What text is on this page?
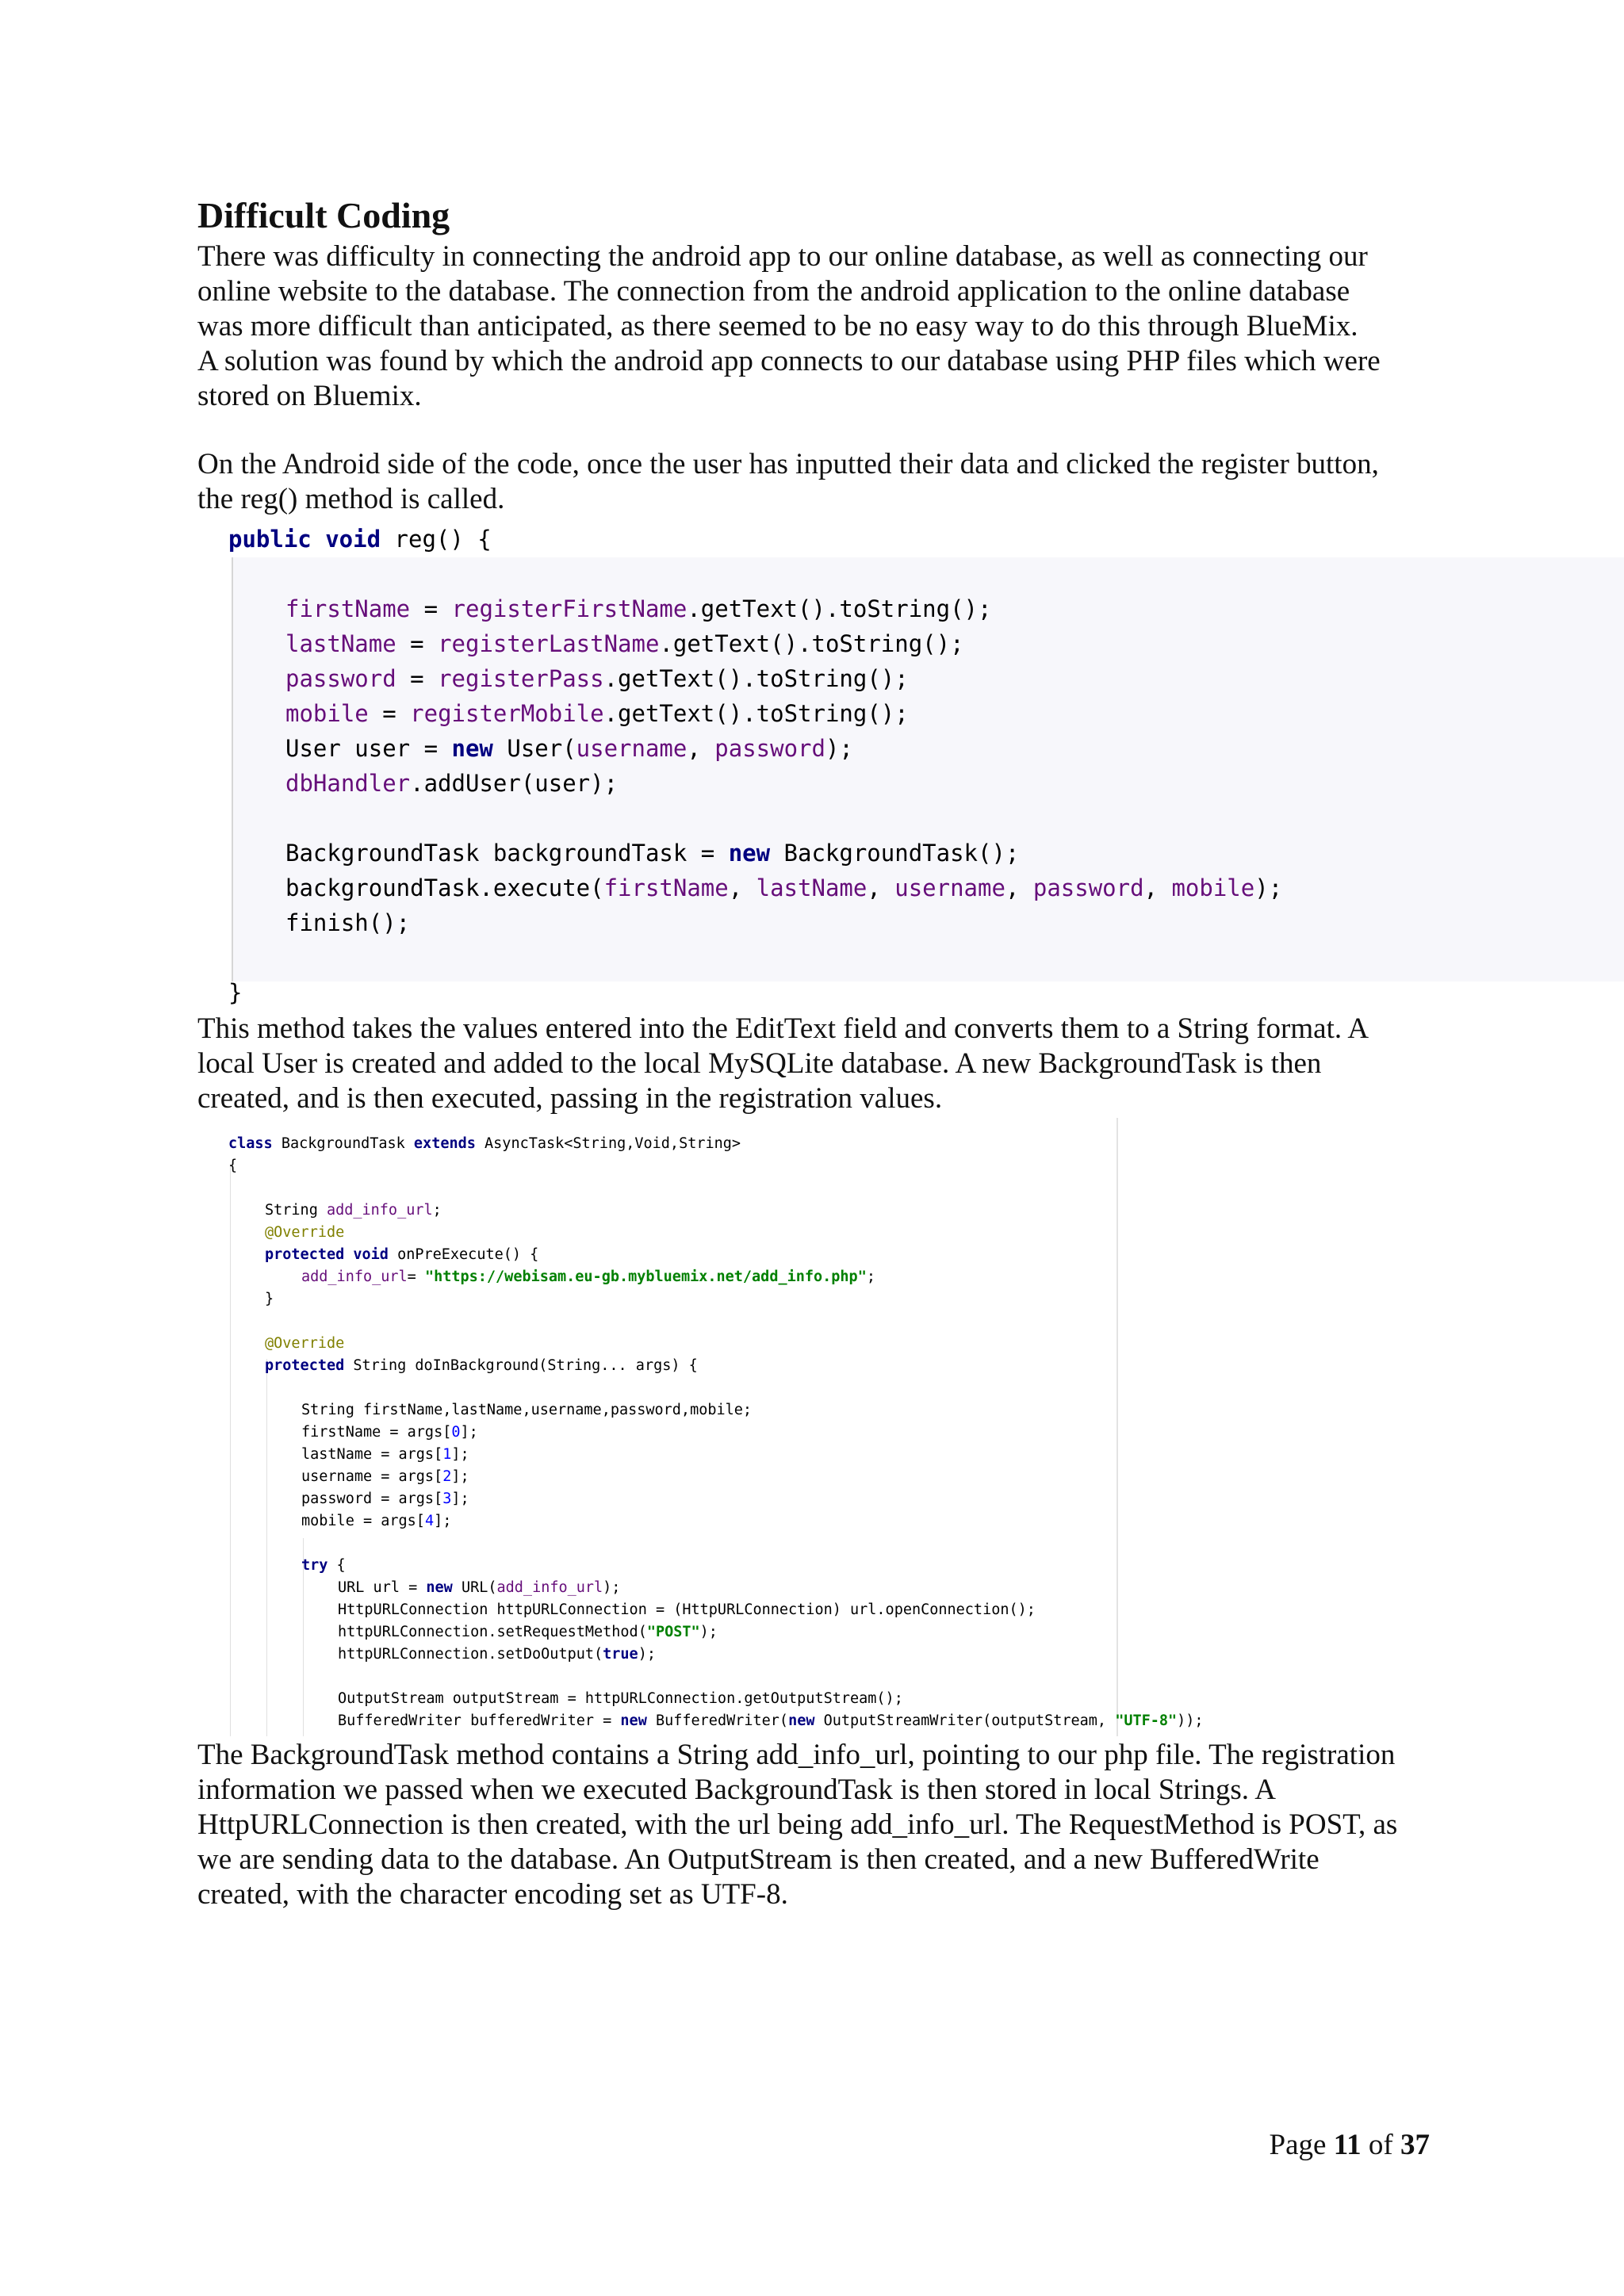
Difficult Coding

There was difficulty in connecting the android app to our online database, as well as connecting our
online website to the database. The connection from the android application to the online database
was more difficult than anticipated, as there seemed to be no easy way to do this through BlueMix.
A solution was found by which the android app connects to our database using PHP files which were
stored on Bluemix.

On the Android side of the code, once the user has inputted their data and clicked the register button,
the reg() method is called.

public void reg() {
firstName = registerFirstName.getText().toString();
lastName = registerLastName.getText().toString();
password = registerPass.getText().toString();
mobile = registerMobile.getText().toString();
User user = new User(username, password);
dbHandler.addUser(user);
BackgroundTask backgroundTask = new BackgroundTask();
backgroundTask.execute(firstName, lastName, username, password, mobile);
finish();
}

This method takes the values entered into the EditText field and converts them to a String format. A
local User is created and added to the local MySQLite database. A new BackgroundTask is then
created, and is then executed, passing in the registration values.

class BackgroundTask extends AsyncTask<String,Void,String>
{
String add_info_url;
@Override
protected void onPreExecute() {
add_info_url= "https://webisam.eu-gb.mybluemix.net/add_info.php";
}
@Override
protected String doInBackground(String... args) {
String firstName,lastName,username,password,mobile;
firstName = args[0];
lastName = args[1];
username = args[2];
password = args[3];
mobile = args[4];
try {
URL url = new URL(add_info_url);
HttpURLConnection httpURLConnection = (HttpURLConnection) url.openConnection();
httpURLConnection.setRequestMethod("POST");
httpURLConnection.setDoOutput(true);
OutputStream outputStream = httpURLConnection.getOutputStream();
BufferedWriter bufferedWriter = new BufferedWriter(new OutputStreamWriter(outputStream, "UTF-8"));

The BackgroundTask method contains a String add_info_url, pointing to our php file. The registration
information we passed when we executed BackgroundTask is then stored in local Strings. A
HttpURLConnection is then created, with the url being add_info_url. The RequestMethod is POST, as
we are sending data to the database. An OutputStream is then created, and a new BufferedWrite
created, with the character encoding set as UTF-8.

Page 11 of 37
